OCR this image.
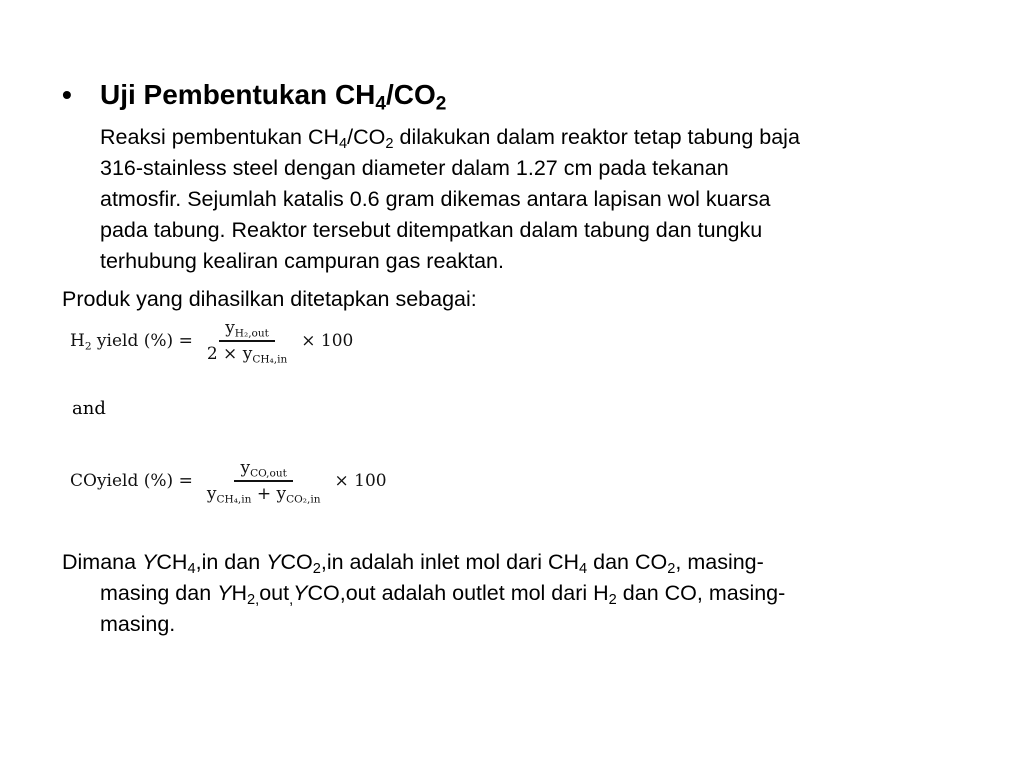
• Uji Pembentukan $CH_4/CO_2$

Reaksi pembentukan $CH_4/CO_2$ dilakukan dalam reaktor tetap tabung baja

316-stainless steel dengan diameter dalam 1.27 cm pada tekanan

atmosfir. Sejumlah katalis 0.6 gram dikemas antara lapisan wol kuarsa

pada tabung. Reaktor tersebut ditempatkan dalam tabung dan tungku

terhubung kealiran campuran gas reaktan.

Produk yang dihasilkan ditetapkan sebagai:
$H_2$ yield (%) = $\frac{y_{H_2,out}}{2 \times y_{CH_4,in}} \times 100$
and
COyield (%) = $\frac{y_{CO,out}}{y_{CH_4,in} + y_{CO_2,in}} \times 100$
Dimana $YCH_4,in$ dan $YCO_2,in$ adalah inlet mol dari $CH_4$ dan $CO_2$, masing-
masing dan $YH_{2,}out_,YCO,out$ adalah outlet mol dari $H_2$ dan CO, masing-
masing.
